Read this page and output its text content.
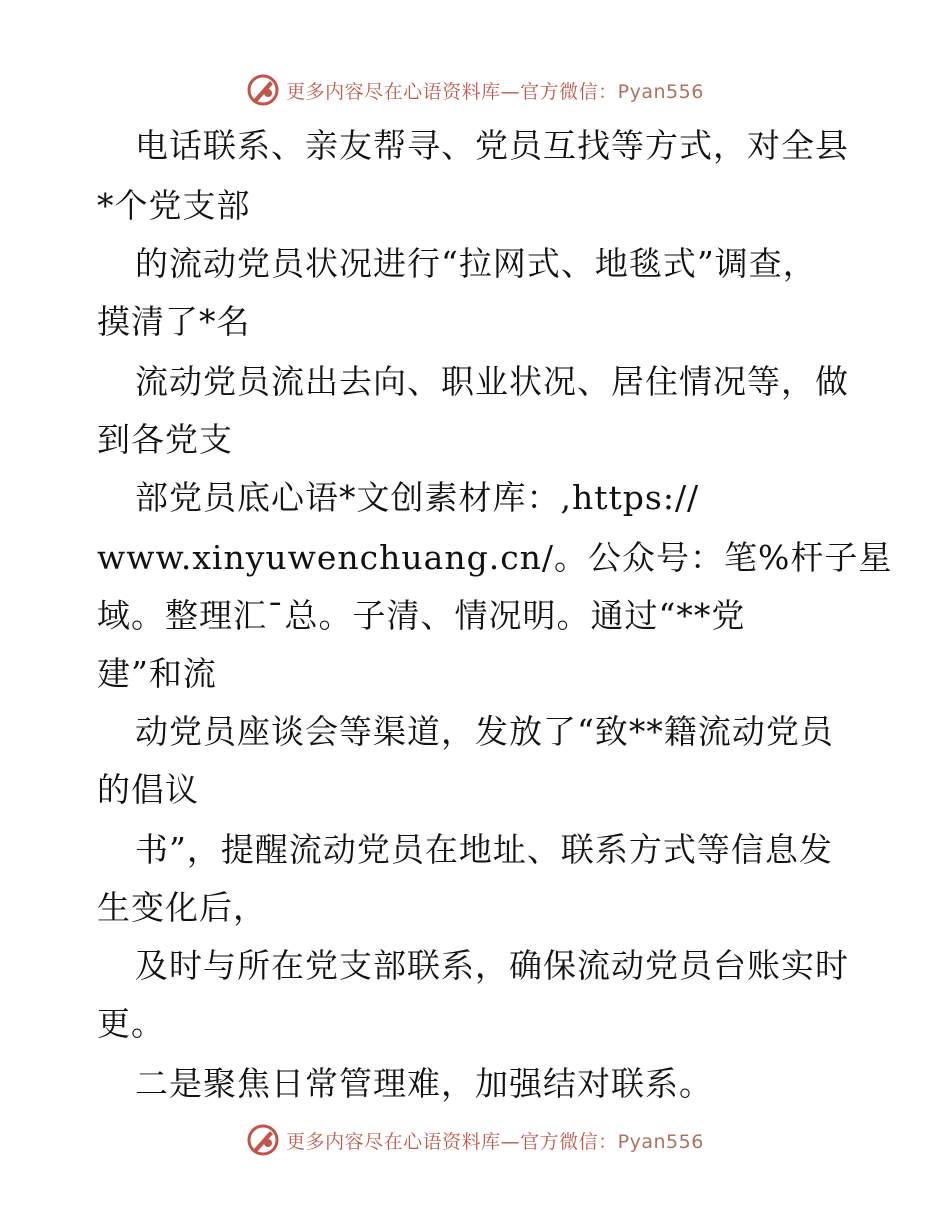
更多内容尽在心语资料库—官方微信：Pyan556
电话联系、亲友帮寻、党员互找等方式，对全县
*个党支部
的流动党员状况进行“拉网式、地毯式”调查，
摸清了*名
流动党员流出去向、职业状况、居住情况等，做
到各党支
部党员底心语*文创素材库：,https://
www.xinyuwenchuang.cn/。公众号：笔%杆子星
域。整理汇¯总。子清、情况明。通过“**党
建”和流
动党员座谈会等渠道，发放了“致**籍流动党员
的倡议
书”，提醒流动党员在地址、联系方式等信息发
生变化后，
及时与所在党支部联系，确保流动党员台账实时
更。
二是聚焦日常管理难，加强结对联系。
更多内容尽在心语资料库—官方微信：Pyan556
